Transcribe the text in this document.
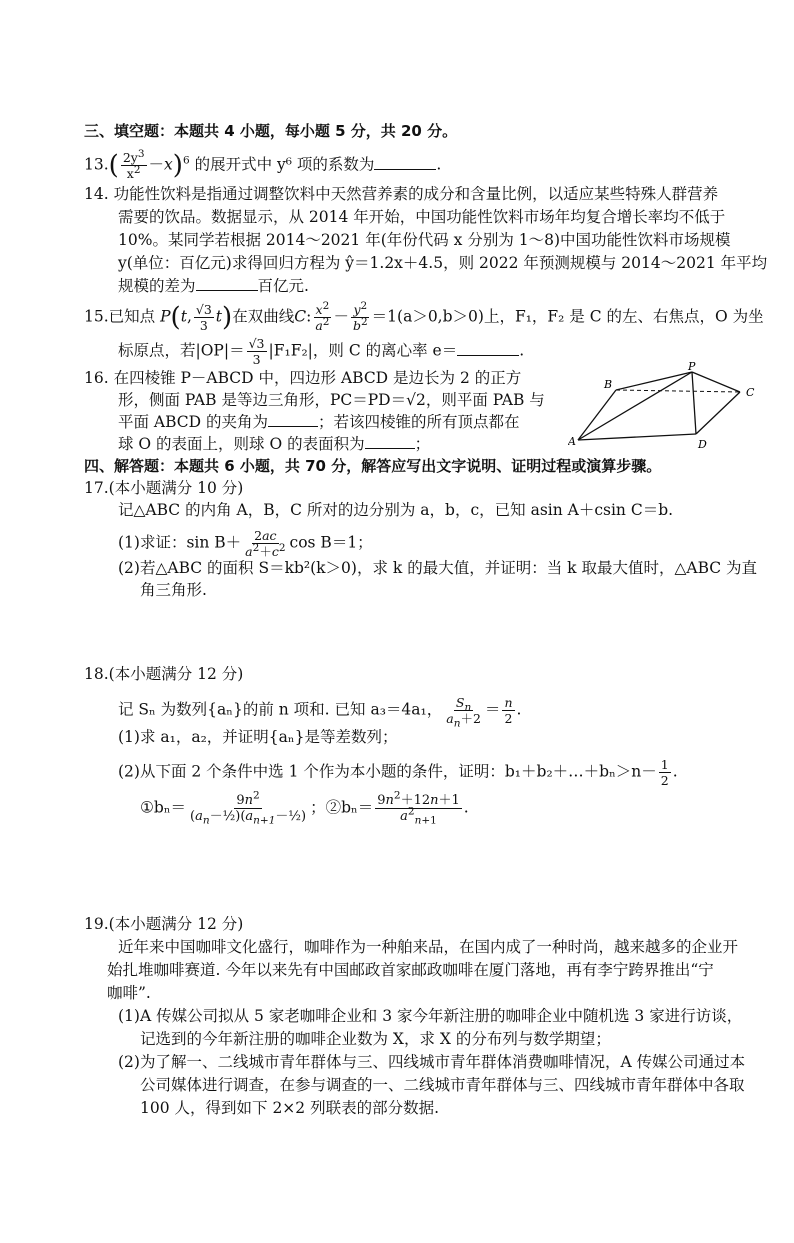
三、填空题：本题共 4 小题，每小题 5 分，共 20 分。
$13.( \frac{2y^3}{x^2} -x)^6$ 的展开式中 y⁶ 项的系数为	.
14. 功能性饮料是指通过调整饮料中天然营养素的成分和含量比例，以适应某些特殊人群营养
需要的饮品。数据显示，从 2014 年开始，中国功能性饮料市场年均复合增长率均不低于
10%。某同学若根据 2014～2021 年(年份代码 x 分别为 1～8)中国功能性饮料市场规模
y(单位：百亿元)求得回归方程为 ŷ＝1.2x＋4.5，则 2022 年预测规模与 2014～2021 年平均
规模的差为	百亿元.
15.已知点 P(t, $\frac{√3}{3} t$)在双曲线C: $\frac{x^2}{a^2} - \frac{y^2}{b^2} =1(a>0,b>0)$上，F₁，F₂ 是 C 的左、右焦点，O 为坐
标原点，若$|OP|= \frac{√3}{3} |F_1F_2|$，则 C 的离心率 e＝	.
16. 在四棱锥 P－ABCD 中，四边形 ABCD 是边长为 2 的正方
形，侧面 PAB 是等边三角形，PC＝PD＝√2，则平面 PAB 与
平面 ABCD 的夹角为	；若该四棱锥的所有顶点都在
球 O 的表面上，则球 O 的表面积为	；	A
B
C
D
P
四、解答题：本题共 6 小题，共 70 分，解答应写出文字说明、证明过程或演算步骤。
17.(本小题满分 10 分)
记△ABC 的内角 A，B，C 所对的边分别为 a，b，c，已知 asin A＋csin C＝b.
(1)求证：$\sin B+ \frac{2ac}{a^2+c^2}$ cos B＝1；
(2)若△ABC 的面积 S＝kb²(k＞0)，求 k 的最大值，并证明：当 k 取最大值时，△ABC 为直
角三角形.
18.(本小题满分 12 分)
记 Sₙ 为数列{aₙ}的前 n 项和. 已知 a₃＝4a₁， $\frac{S_n}{a_n+2} = \frac{n}{2}$ .
(1)求 a₁，a₂，并证明{aₙ}是等差数列；
(2)从下面 2 个条件中选 1 个作为本小题的条件，证明：b₁＋b₂＋…＋bₙ＞n－ $\frac{1}{2}$ .
①bₙ＝ $\frac{9n^2}{(a_n-\frac{1}{2})(a_{n+1}-\frac{1}{2})}$ ；②bₙ＝ $\frac{9n^2+12n+1}{a^2_{n+1}}$ .
19.(本小题满分 12 分)
近年来中国咖啡文化盛行，咖啡作为一种舶来品，在国内成了一种时尚，越来越多的企业开
始扎堆咖啡赛道. 今年以来先有中国邮政首家邮政咖啡在厦门落地，再有李宁跨界推出“宁
咖啡”.
(1)A 传媒公司拟从 5 家老咖啡企业和 3 家今年新注册的咖啡企业中随机选 3 家进行访谈，
记选到的今年新注册的咖啡企业数为 X，求 X 的分布列与数学期望；
(2)为了解一、二线城市青年群体与三、四线城市青年群体消费咖啡情况，A 传媒公司通过本
公司媒体进行调查，在参与调查的一、二线城市青年群体与三、四线城市青年群体中各取
100 人，得到如下 2×2 列联表的部分数据.
